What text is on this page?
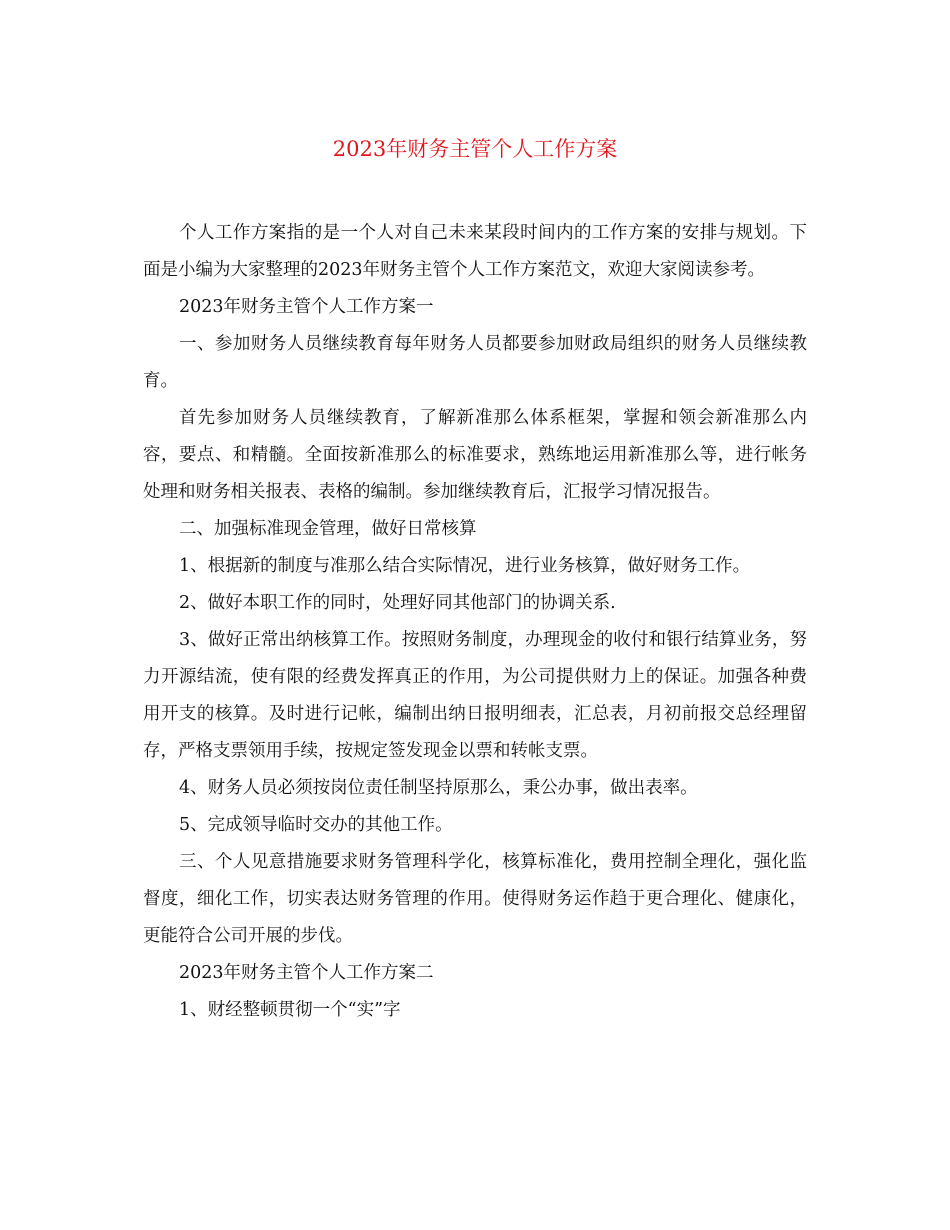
2023年财务主管个人工作方案

个人工作方案指的是一个人对自己未来某段时间内的工作方案的安排与规划。下面是小编为大家整理的2023年财务主管个人工作方案范文，欢迎大家阅读参考。

2023年财务主管个人工作方案一

一、参加财务人员继续教育每年财务人员都要参加财政局组织的财务人员继续教育。

首先参加财务人员继续教育，了解新准那么体系框架，掌握和领会新准那么内容，要点、和精髓。全面按新准那么的标准要求，熟练地运用新准那么等，进行帐务处理和财务相关报表、表格的编制。参加继续教育后，汇报学习情况报告。

二、加强标准现金管理，做好日常核算

1、根据新的制度与准那么结合实际情况，进行业务核算，做好财务工作。

2、做好本职工作的同时，处理好同其他部门的协调关系.

3、做好正常出纳核算工作。按照财务制度，办理现金的收付和银行结算业务，努力开源结流，使有限的经费发挥真正的作用，为公司提供财力上的保证。加强各种费用开支的核算。及时进行记帐，编制出纳日报明细表，汇总表，月初前报交总经理留存，严格支票领用手续，按规定签发现金以票和转帐支票。

4、财务人员必须按岗位责任制坚持原那么，秉公办事，做出表率。

5、完成领导临时交办的其他工作。

三、个人见意措施要求财务管理科学化，核算标准化，费用控制全理化，强化监督度，细化工作，切实表达财务管理的作用。使得财务运作趋于更合理化、健康化，更能符合公司开展的步伐。

2023年财务主管个人工作方案二

1、财经整顿贯彻一个“实”字
